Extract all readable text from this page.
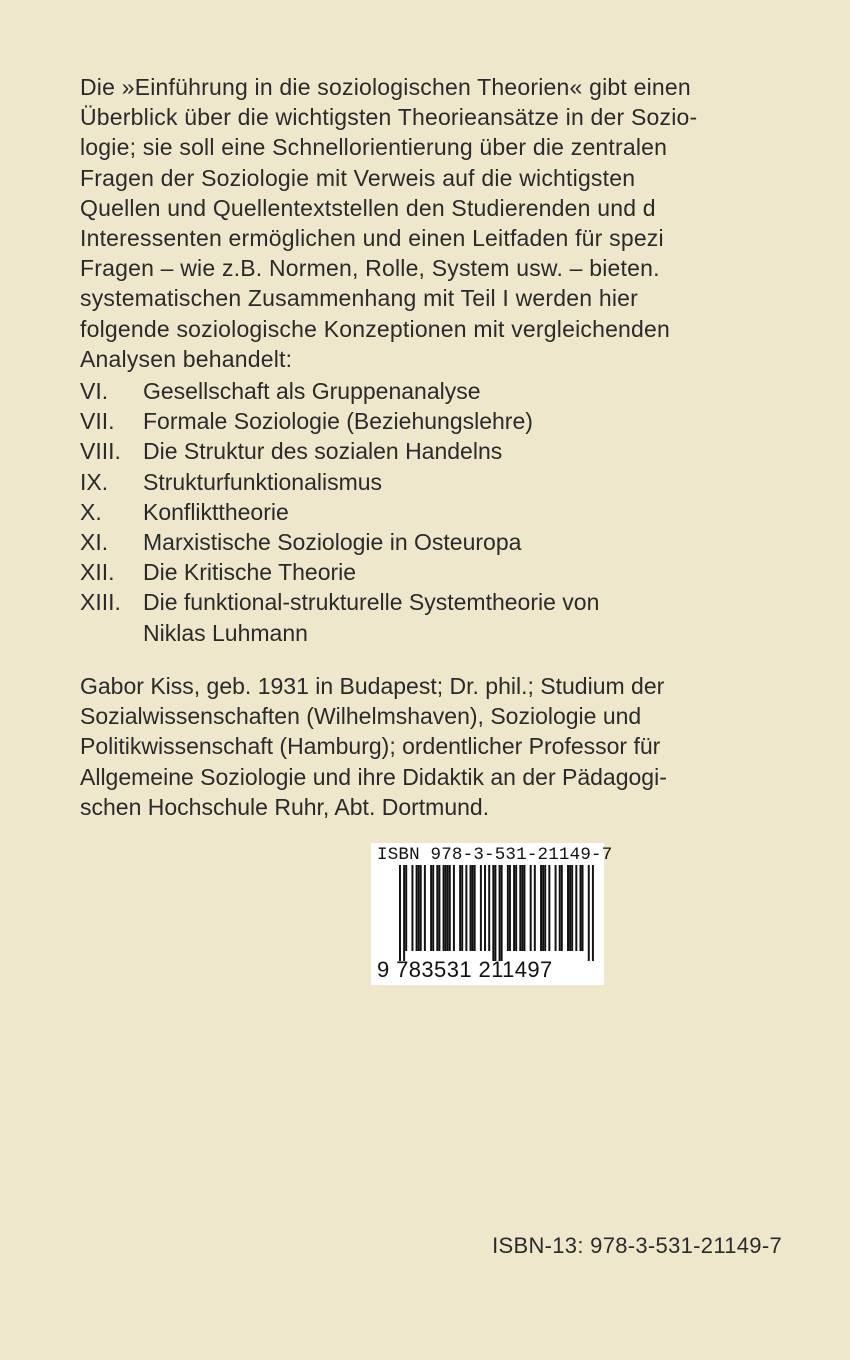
Die »Einführung in die soziologischen Theorien« gibt einen
Überblick über die wichtigsten Theorieansätze in der Sozio-
logie; sie soll eine Schnellorientierung über die zentralen
Fragen der Soziologie mit Verweis auf die wichtigsten
Quellen und Quellentextstellen den Studierenden und d
Interessenten ermöglichen und einen Leitfaden für spezi
Fragen – wie z.B. Normen, Rolle, System usw. – bieten.
systematischen Zusammenhang mit Teil I werden hier
folgende soziologische Konzeptionen mit vergleichenden
Analysen behandelt:
VI. Gesellschaft als Gruppenanalyse
VII. Formale Soziologie (Beziehungslehre)
VIII. Die Struktur des sozialen Handelns
IX. Strukturfunktionalismus
X. Konflikttheorie
XI. Marxistische Soziologie in Osteuropa
XII. Die Kritische Theorie
XIII. Die funktional-strukturelle Systemtheorie von
Niklas Luhmann
Gabor Kiss, geb. 1931 in Budapest; Dr. phil.; Studium der
Sozialwissenschaften (Wilhelmshaven), Soziologie und
Politikwissenschaft (Hamburg); ordentlicher Professor für
Allgemeine Soziologie und ihre Didaktik an der Pädagogi-
schen Hochschule Ruhr, Abt. Dortmund.
ISBN 978-3-531-21149-7
9 783531 211497
ISBN-13: 978-3-531-21149-7
